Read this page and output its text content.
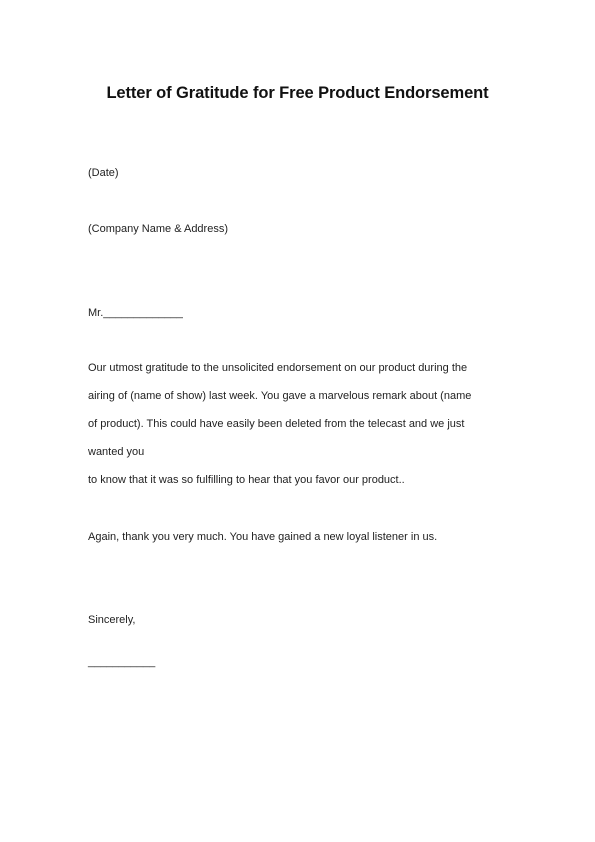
Letter of Gratitude for Free Product Endorsement
(Date)
(Company Name & Address)
Mr._____________
Our utmost gratitude to the unsolicited endorsement on our product during the
airing of (name of show) last week. You gave a marvelous remark about (name
of product). This could have easily been deleted from the telecast and we just
wanted you
to know that it was so fulfilling to hear that you favor our product..
Again, thank you very much. You have gained a new loyal listener in us.
Sincerely,
___________
